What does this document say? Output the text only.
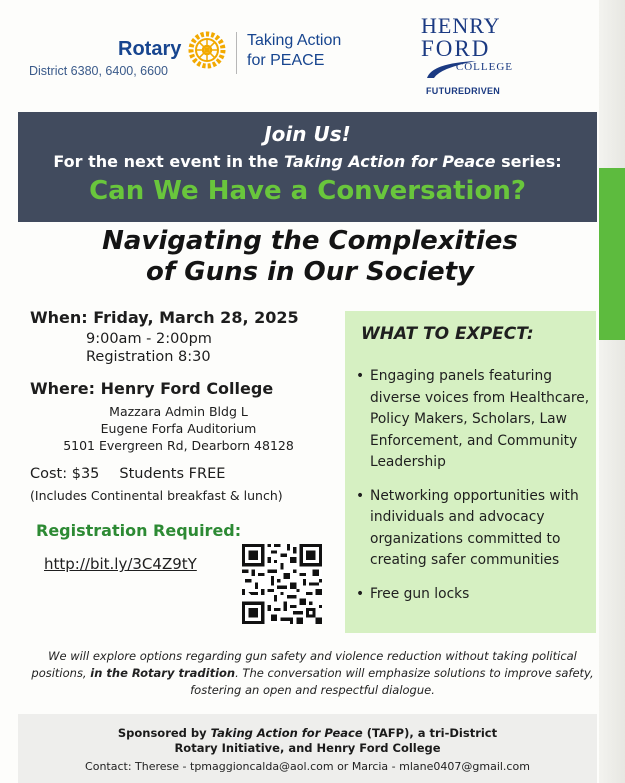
Rotary
District 6380, 6400, 6600
Taking Action
for PEACE
HENRY
FORD
COLLEGE
FUTUREDRIVEN
Join Us!
For the next event in the Taking Action for Peace series:
Can We Have a Conversation?
Navigating the Complexities
of Guns in Our Society
When: Friday, March 28, 2025
9:00am - 2:00pm
Registration 8:30
Where: Henry Ford College
Mazzara Admin Bldg L
Eugene Forfa Auditorium
5101 Evergreen Rd, Dearborn 48128
Cost: $35 Students FREE
(Includes Continental breakfast & lunch)
Registration Required:
http://bit.ly/3C4Z9tY
WHAT TO EXPECT:
• Engaging panels featuring diverse voices from Healthcare, Policy Makers, Scholars, Law Enforcement, and Community Leadership
• Networking opportunities with individuals and advocacy organizations committed to creating safer communities
• Free gun locks
We will explore options regarding gun safety and violence reduction without taking political positions, in the Rotary tradition. The conversation will emphasize solutions to improve safety, fostering an open and respectful dialogue.
Sponsored by Taking Action for Peace (TAFP), a tri-District
Rotary Initiative, and Henry Ford College
Contact: Therese - tpmaggioncalda@aol.com or Marcia - mlane0407@gmail.com
